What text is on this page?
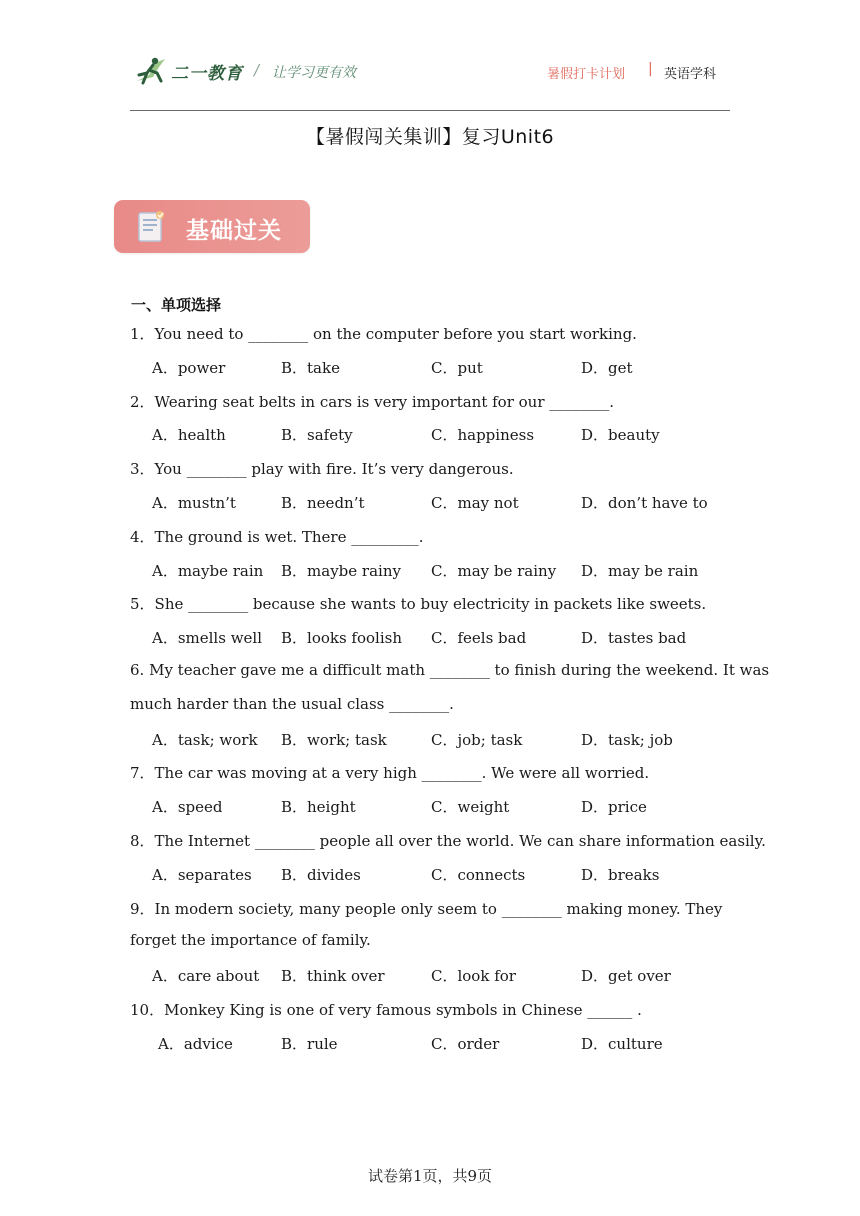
二一教育 / 让学习更有效	暑假打卡计划 | 英语学科
【暑假闯关集训】复习Unit6
基础过关
一、单项选择
1．You need to ________ on the computer before you start working.
A．power	B．take	C．put	D．get
2．Wearing seat belts in cars is very important for our ________.
A．health	B．safety	C．happiness	D．beauty
3．You ________ play with fire. It’s very dangerous.
A．mustn’t	B．needn’t	C．may not	D．don’t have to
4．The ground is wet. There _________.
A．maybe rain B．maybe rainy C．may be rainy D．may be rain
5．She ________ because she wants to buy electricity in packets like sweets.
A．smells well B．looks foolish C．feels bad	D．tastes bad
6. My teacher gave me a difficult math ________ to finish during the weekend. It was
much harder than the usual class ________.
A．task; work B．work; task	C．job; task	D．task; job
7．The car was moving at a very high ________. We were all worried.
A．speed	B．height	C．weight	D．price
8．The Internet ________ people all over the world. We can share information easily.
A．separates B．divides	C．connects	D．breaks
9．In modern society, many people only seem to ________ making money. They
forget the importance of family.
A．care about B．think over	C．look for	D．get over
10．Monkey King is one of very famous symbols in Chinese ______ .
A．advice	B．rule	C．order	D．culture
试卷第1页，共9页
